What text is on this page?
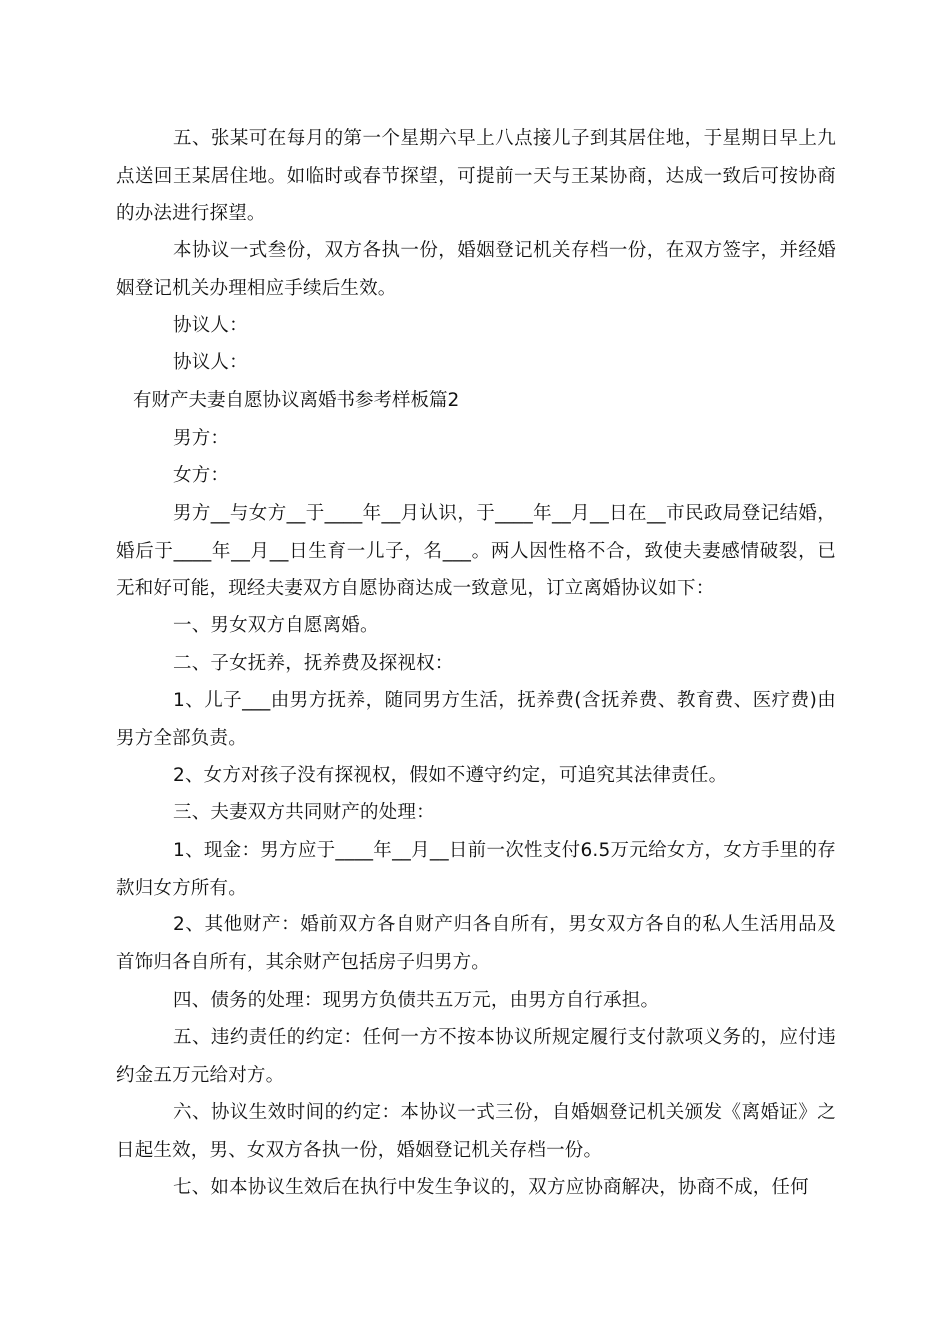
五、张某可在每月的第一个星期六早上八点接儿子到其居住地，于星期日早上九点送回王某居住地。如临时或春节探望，可提前一天与王某协商，达成一致后可按协商的办法进行探望。

本协议一式叁份，双方各执一份，婚姻登记机关存档一份，在双方签字，并经婚姻登记机关办理相应手续后生效。

协议人：

协议人：

有财产夫妻自愿协议离婚书参考样板篇2

男方：

女方：

男方__与女方__于____年__月认识，于____年__月__日在__市民政局登记结婚，婚后于____年__月__日生育一儿子，名___。两人因性格不合，致使夫妻感情破裂，已无和好可能，现经夫妻双方自愿协商达成一致意见，订立离婚协议如下：

一、男女双方自愿离婚。

二、子女抚养，抚养费及探视权：

1、儿子___由男方抚养，随同男方生活，抚养费(含抚养费、教育费、医疗费)由男方全部负责。

2、女方对孩子没有探视权，假如不遵守约定，可追究其法律责任。

三、夫妻双方共同财产的处理：

1、现金：男方应于____年__月__日前一次性支付6.5万元给女方，女方手里的存款归女方所有。

2、其他财产：婚前双方各自财产归各自所有，男女双方各自的私人生活用品及首饰归各自所有，其余财产包括房子归男方。

四、债务的处理：现男方负债共五万元，由男方自行承担。

五、违约责任的约定：任何一方不按本协议所规定履行支付款项义务的，应付违约金五万元给对方。

六、协议生效时间的约定：本协议一式三份，自婚姻登记机关颁发《离婚证》之日起生效，男、女双方各执一份，婚姻登记机关存档一份。

七、如本协议生效后在执行中发生争议的，双方应协商解决，协商不成，任何
